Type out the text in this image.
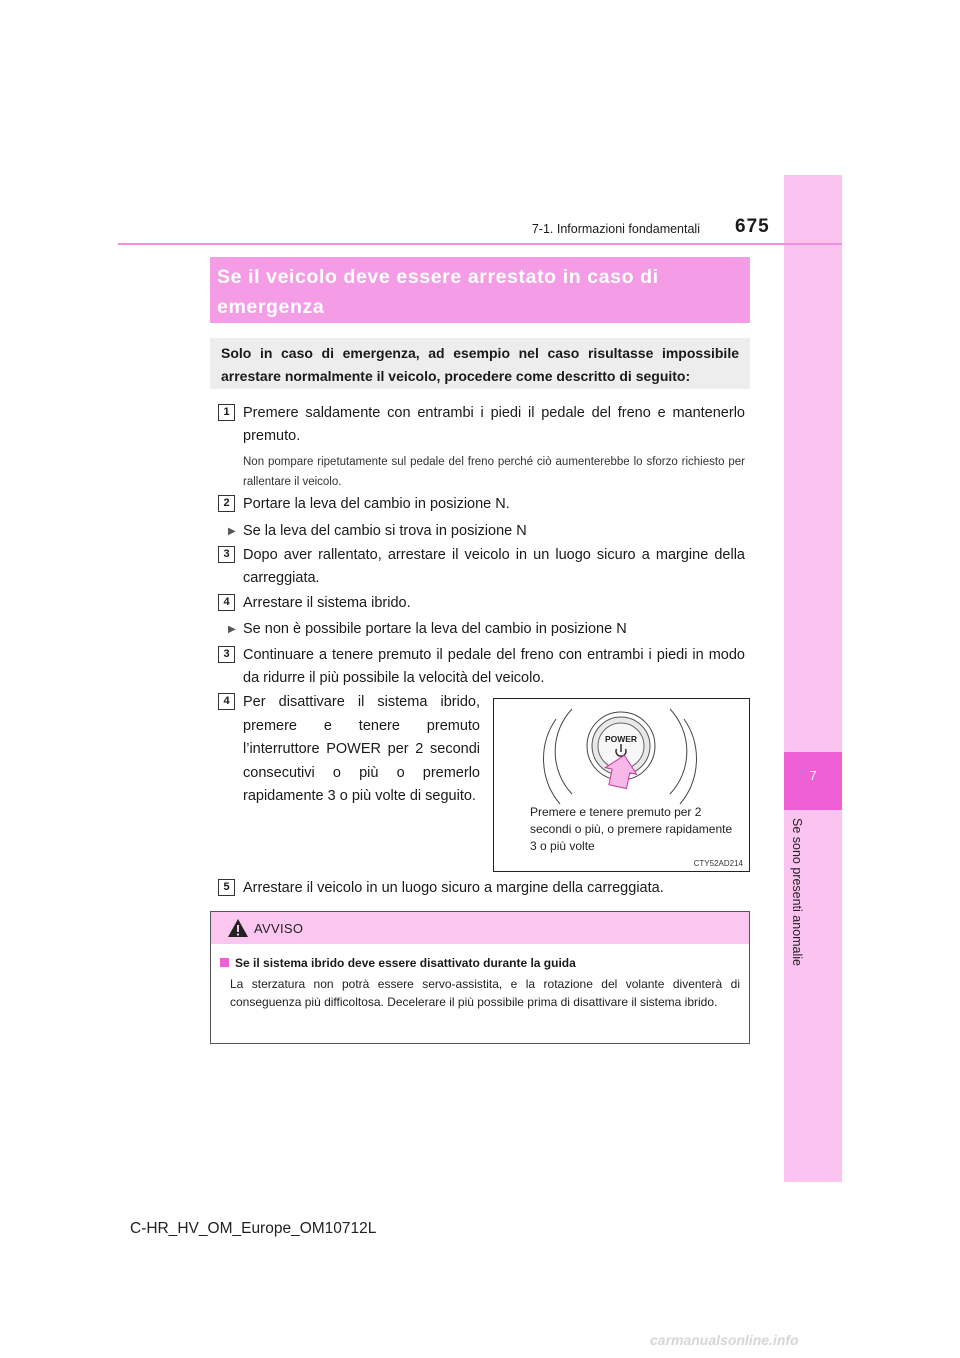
7
Se sono presenti anomalie
7-1. Informazioni fondamentali 675
Se il veicolo deve essere arrestato in caso di emergenza
Solo in caso di emergenza, ad esempio nel caso risultasse impossibile arrestare normalmente il veicolo, procedere come descritto di seguito:
1 Premere saldamente con entrambi i piedi il pedale del freno e mantenerlo premuto.
Non pompare ripetutamente sul pedale del freno perché ciò aumenterebbe lo sforzo richiesto per rallentare il veicolo.
2 Portare la leva del cambio in posizione N.
▶ Se la leva del cambio si trova in posizione N
3 Dopo aver rallentato, arrestare il veicolo in un luogo sicuro a margine della carreggiata.
4 Arrestare il sistema ibrido.
▶ Se non è possibile portare la leva del cambio in posizione N
3 Continuare a tenere premuto il pedale del freno con entrambi i piedi in modo da ridurre il più possibile la velocità del veicolo.
4 Per disattivare il sistema ibrido, premere e tenere premuto l’interruttore POWER per 2 secondi consecutivi o più o premerlo rapidamente 3 o più volte di seguito.
POWER
Premere e tenere premuto per 2 secondi o più, o premere rapidamente 3 o più volte
CTY52AD214
5 Arrestare il veicolo in un luogo sicuro a margine della carreggiata.
AVVISO
Se il sistema ibrido deve essere disattivato durante la guida
La sterzatura non potrà essere servo-assistita, e la rotazione del volante diventerà di conseguenza più difficoltosa. Decelerare il più possibile prima di disattivare il sistema ibrido.
C-HR_HV_OM_Europe_OM10712L
carmanualsonline.info
